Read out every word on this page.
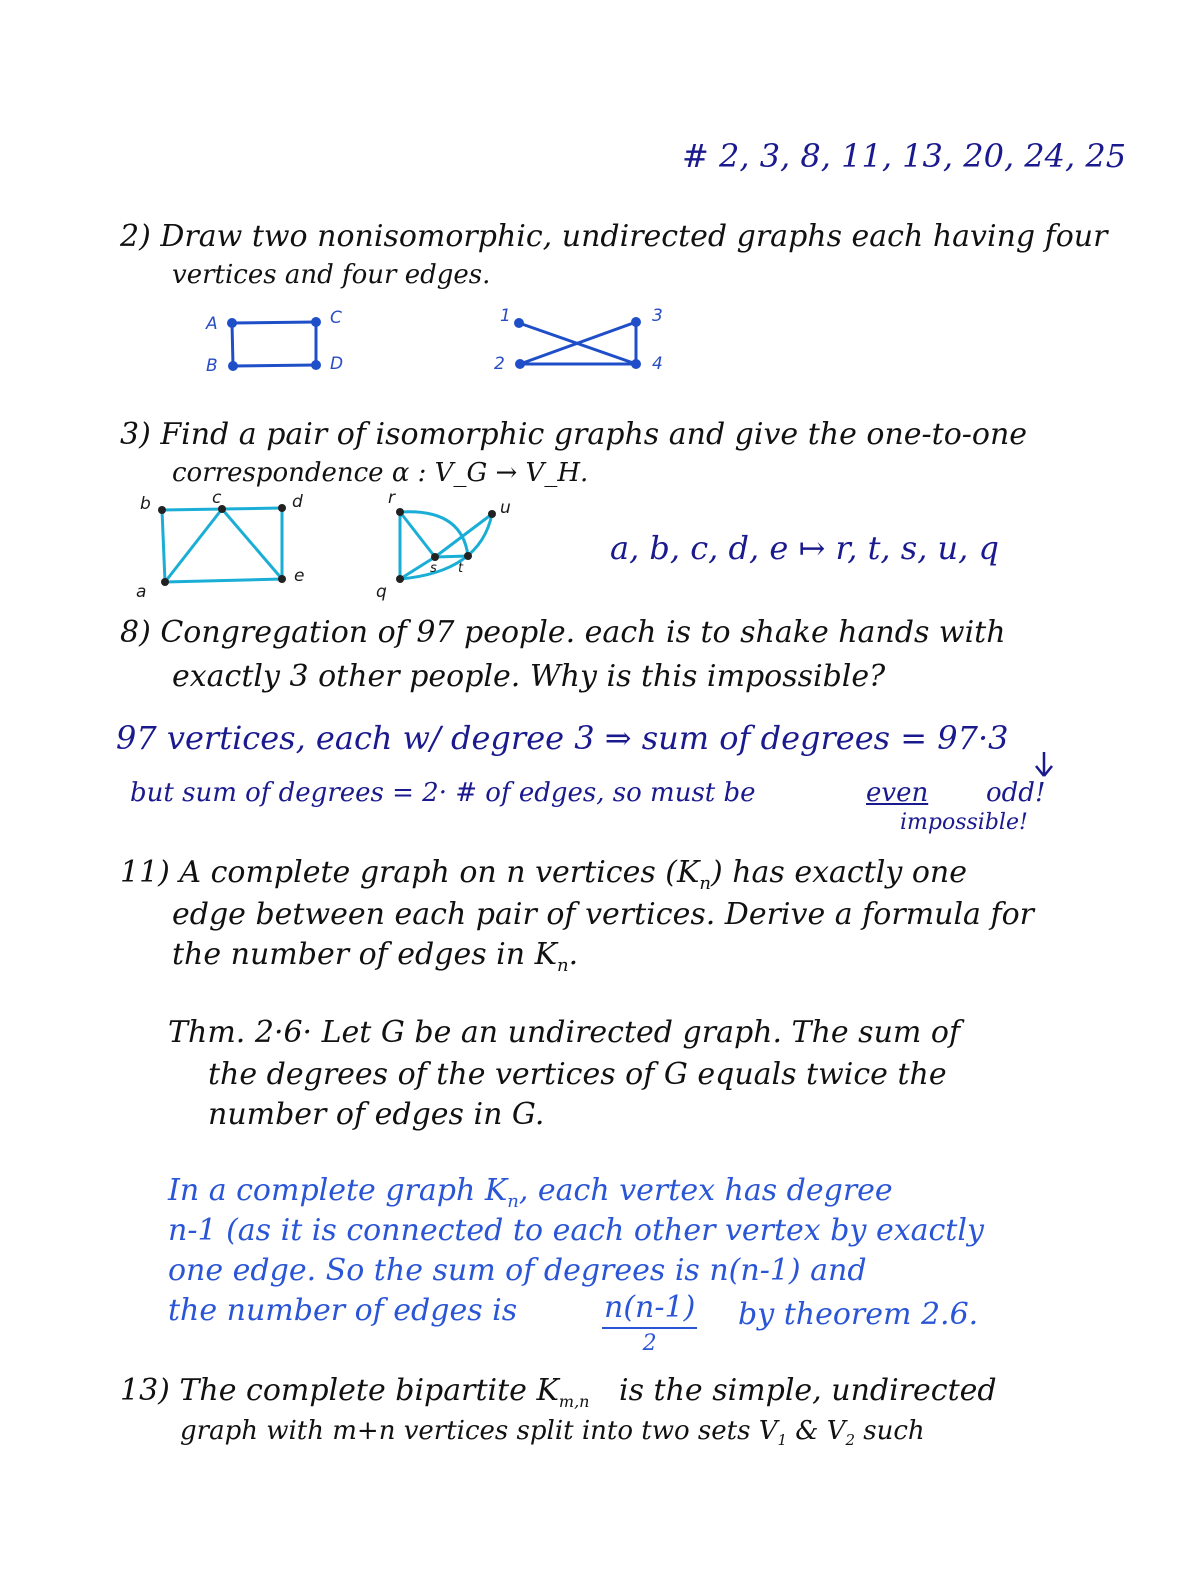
# 2, 3, 8, 11, 13, 20, 24, 25
2) Draw two nonisomorphic, undirected graphs each having four
vertices and four edges.
A
B
C
D
1
2
3
4
3) Find a pair of isomorphic graphs and give the one-to-one
correspondence α : V_G → V_H.
b	c	d
e
a
r	u
s t
q
a, b, c, d, e ↦ r, t, s, u, q
8) Congregation of 97 people. each is to shake hands with
exactly 3 other people. Why is this impossible?
97 vertices, each w/ degree 3 ⇒ sum of degrees = 97·3
but sum of degrees = 2· # of edges, so must be	even odd!
impossible!
11) A complete graph on n vertices $(K_n)$ has exactly one
edge between each pair of vertices. Derive a formula for
the number of edges in $K_n$.
Thm. 2·6· Let G be an undirected graph. The sum of
the degrees of the vertices of G equals twice the
number of edges in G.
In a complete graph $K_n$, each vertex has degree
n-1 (as it is connected to each other vertex by exactly
one edge. So the sum of degrees is n(n-1) and
the number of edges is	n(n-1)
2
by theorem 2.6.
13) The complete bipartite $K_{m,n}$ is the simple, undirected
graph with m+n vertices split into two sets $V_1$ & $V_2$ such
